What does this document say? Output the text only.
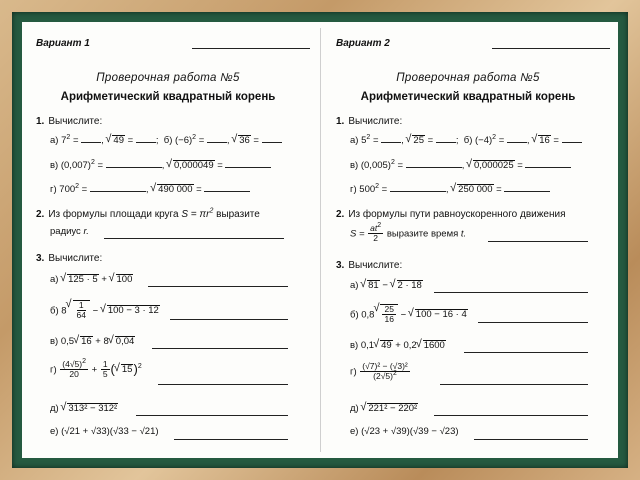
Вариант 1
Проверочная работа №5
Арифметический квадратный корень
1. Вычислите:
а) $7^2$ = , √ 49 = ;  б) $(-6)^2$ = , √ 36 =
в) $(0,007)^2$ =	, √ 0,000049 =
г) $700^2$ =	, √ 490 000 =
2. Из формулы площади круга $S = \pi r^2$ выразите
радиус r.
3. Вычислите:
а) √ 125 · 5 + √ 100
б) 8 √ $\frac{1}{64}$ − √ 100 − 3 · 12
в) 0,5 √ 16 + 8 √ 0,04
$г) \frac{(4√5)^2}{20} + \frac{1}{5}$ ( √ 15)$^2$
д) √ 313² − 312²
е) (√21 + √33)(√33 − √21)
Вариант 2
Проверочная работа №5
Арифметический квадратный корень
1. Вычислите:
а) $5^2$ = , √ 25 = ;  б) $(-4)^2$ = , √ 16 =
в) $(0,005)^2$ =	, √ 0,000025 =
г) $500^2$ =	, √ 250 000 =
2. Из формулы пути равноускоренного движения
$S = \frac{at^2}{2}$ выразите время t.
3. Вычислите:
а) √ 81 − √ 2 · 18
б) 0,8 √ $\frac{25}{16}$ − √ 100 − 16 · 4
в) 0,1 √ 49 + 0,2 √ 1600
$г) \frac{\text{(√7)² − (√3)²}}{(2√5)^2}$
д) √ 221² − 220²
е) (√23 + √39)(√39 − √23)
